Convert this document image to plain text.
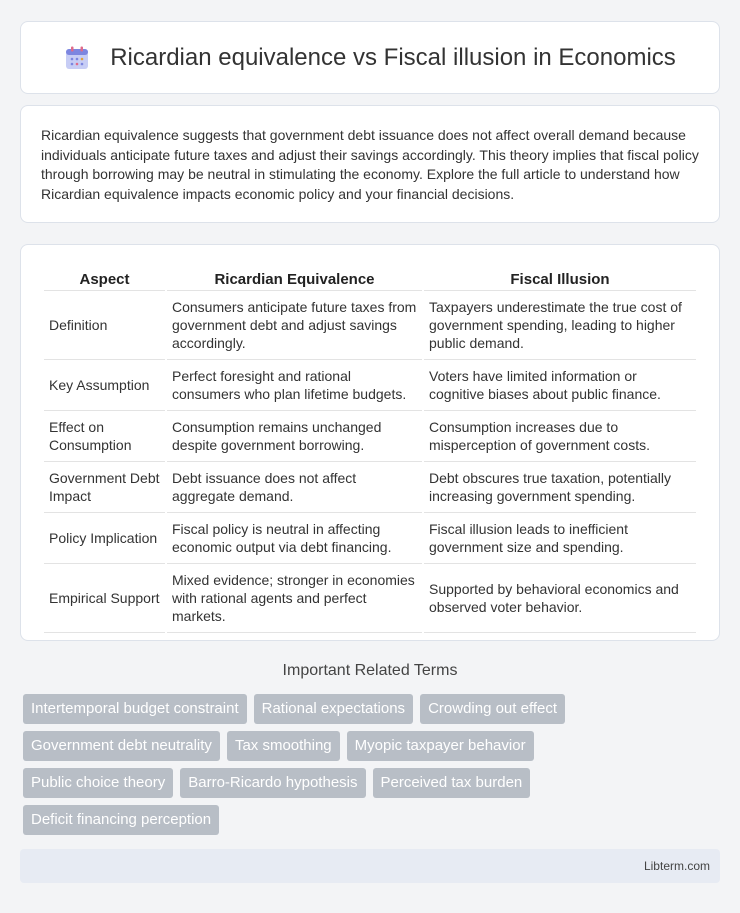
Ricardian equivalence vs Fiscal illusion in Economics

Ricardian equivalence suggests that government debt issuance does not affect overall demand because individuals anticipate future taxes and adjust their savings accordingly. This theory implies that fiscal policy through borrowing may be neutral in stimulating the economy. Explore the full article to understand how Ricardian equivalence impacts economic policy and your financial decisions.

Aspect	Ricardian Equivalence	Fiscal Illusion
Definition	Consumers anticipate future taxes from government debt and adjust savings accordingly.	Taxpayers underestimate the true cost of government spending, leading to higher public demand.
Key Assumption	Perfect foresight and rational consumers who plan lifetime budgets.	Voters have limited information or cognitive biases about public finance.
Effect on Consumption	Consumption remains unchanged despite government borrowing.	Consumption increases due to misperception of government costs.
Government Debt Impact	Debt issuance does not affect aggregate demand.	Debt obscures true taxation, potentially increasing government spending.
Policy Implication	Fiscal policy is neutral in affecting economic output via debt financing.	Fiscal illusion leads to inefficient government size and spending.
Empirical Support	Mixed evidence; stronger in economies with rational agents and perfect markets.	Supported by behavioral economics and observed voter behavior.
Important Related Terms
Intertemporal budget constraint	Rational expectations	Crowding out effect
Government debt neutrality	Tax smoothing	Myopic taxpayer behavior
Public choice theory	Barro-Ricardo hypothesis	Perceived tax burden
Deficit financing perception
Libterm.com
